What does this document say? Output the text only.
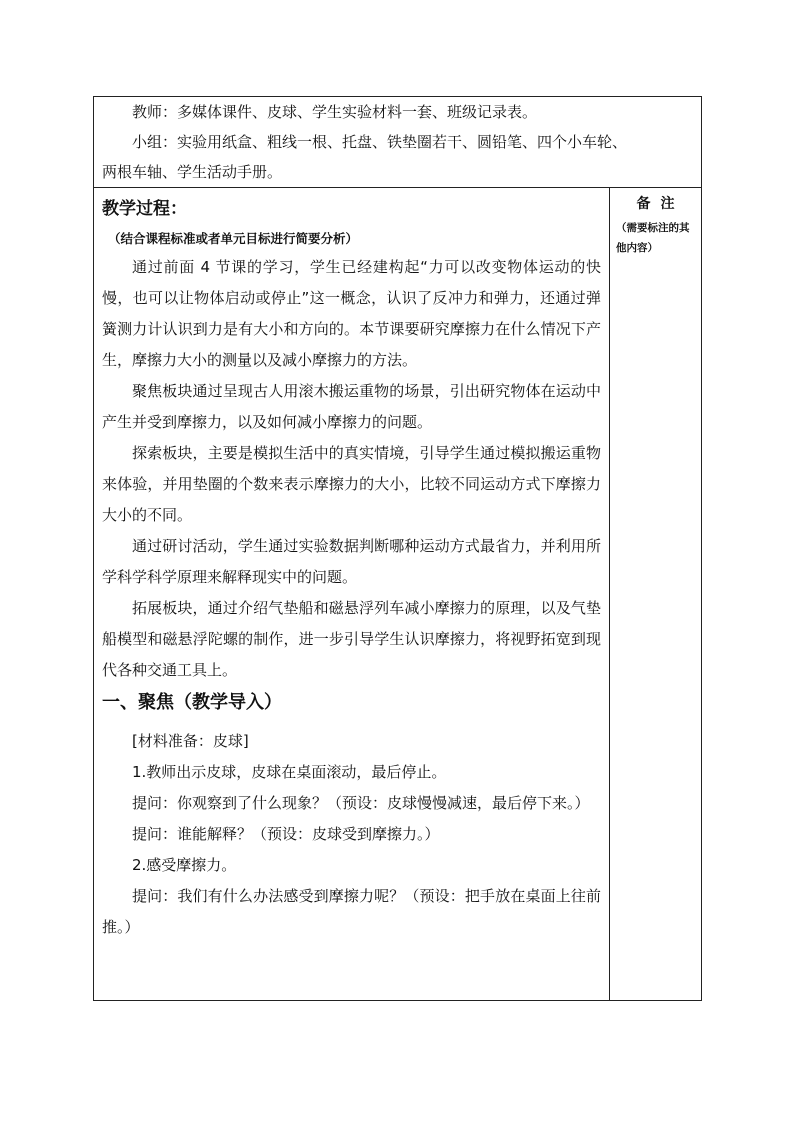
教师：多媒体课件、皮球、学生实验材料一套、班级记录表。
小组：实验用纸盒、粗线一根、托盘、铁垫圈若干、圆铅笔、四个小车轮、
两根车轴、学生活动手册。

教学过程：
（结合课程标准或者单元目标进行简要分析）

通过前面 4 节课的学习，学生已经建构起“力可以改变物体运动的快慢，也可以让物体启动或停止”这一概念，认识了反冲力和弹力，还通过弹簧测力计认识到力是有大小和方向的。本节课要研究摩擦力在什么情况下产生，摩擦力大小的测量以及减小摩擦力的方法。

聚焦板块通过呈现古人用滚木搬运重物的场景，引出研究物体在运动中产生并受到摩擦力，以及如何减小摩擦力的问题。

探索板块，主要是模拟生活中的真实情境，引导学生通过模拟搬运重物来体验，并用垫圈的个数来表示摩擦力的大小，比较不同运动方式下摩擦力大小的不同。

通过研讨活动，学生通过实验数据判断哪种运动方式最省力，并利用所学科学科学原理来解释现实中的问题。

拓展板块，通过介绍气垫船和磁悬浮列车减小摩擦力的原理，以及气垫船模型和磁悬浮陀螺的制作，进一步引导学生认识摩擦力，将视野拓宽到现代各种交通工具上。

一、聚焦（教学导入）

[材料准备：皮球]

1.教师出示皮球，皮球在桌面滚动，最后停止。

提问：你观察到了什么现象？（预设：皮球慢慢减速，最后停下来。）

提问：谁能解释？（预设：皮球受到摩擦力。）

2.感受摩擦力。

提问：我们有什么办法感受到摩擦力呢？（预设：把手放在桌面上往前推。）

备注
（需要标注的其他内容）
